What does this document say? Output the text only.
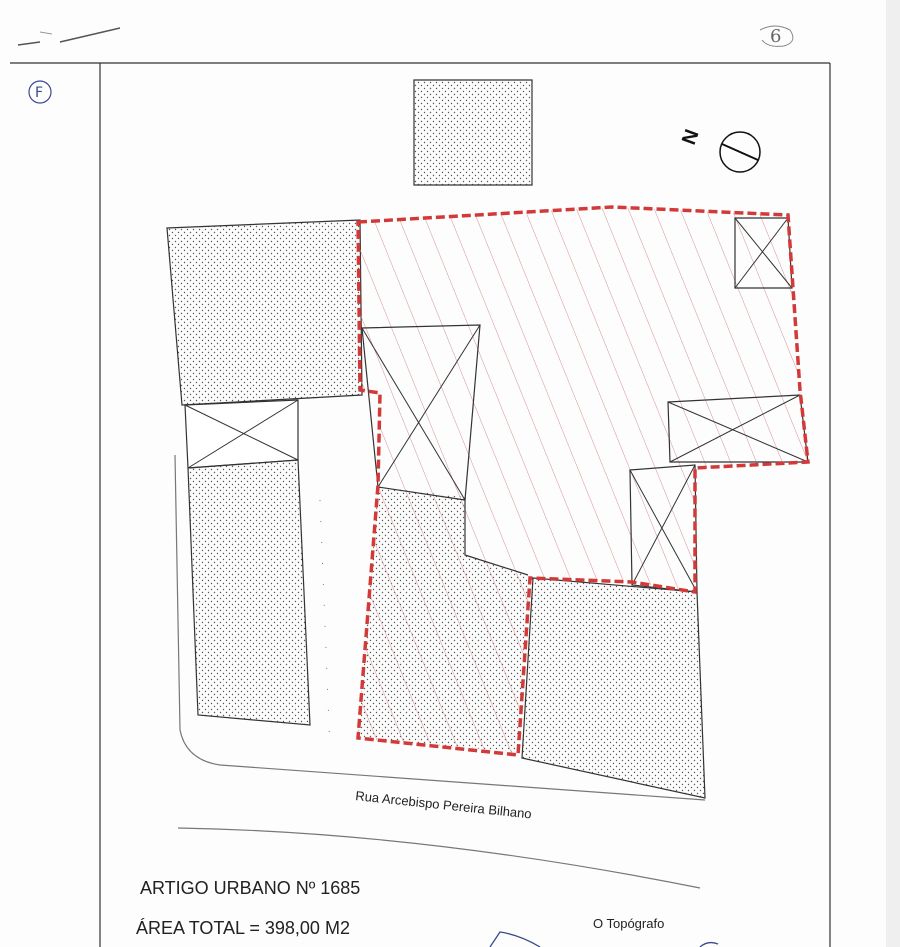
6
F
N
Rua Arcebispo Pereira Bilhano
ARTIGO URBANO Nº 1685
ÁREA TOTAL = 398,00 M2	O Topógrafo
